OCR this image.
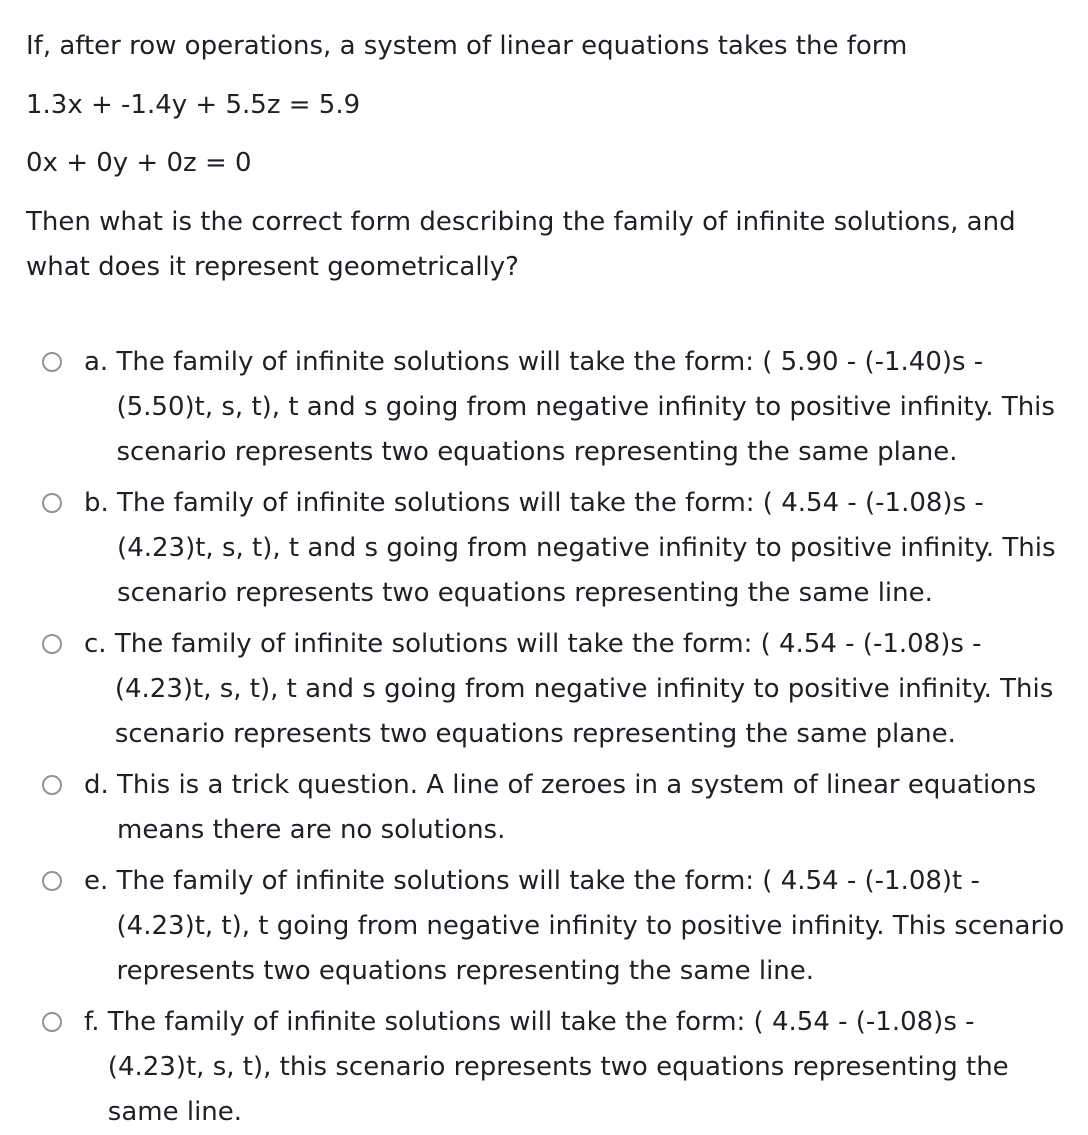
If, after row operations, a system of linear equations takes the form

1.3x + -1.4y + 5.5z = 5.9

0x + 0y + 0z = 0

Then what is the correct form describing the family of infinite solutions, and what does it represent geometrically?
a. The family of infinite solutions will take the form: ( 5.90 - (-1.40)s - (5.50)t, s, t), t and s going from negative infinity to positive infinity. This scenario represents two equations representing the same plane.
b. The family of infinite solutions will take the form: ( 4.54 - (-1.08)s - (4.23)t, s, t), t and s going from negative infinity to positive infinity. This scenario represents two equations representing the same line.
c. The family of infinite solutions will take the form: ( 4.54 - (-1.08)s - (4.23)t, s, t), t and s going from negative infinity to positive infinity. This scenario represents two equations representing the same plane.
d. This is a trick question. A line of zeroes in a system of linear equations means there are no solutions.
e. The family of infinite solutions will take the form: ( 4.54 - (-1.08)t - (4.23)t, t), t going from negative infinity to positive infinity. This scenario represents two equations representing the same line.
f. The family of infinite solutions will take the form: ( 4.54 - (-1.08)s - (4.23)t, s, t), this scenario represents two equations representing the same line.
